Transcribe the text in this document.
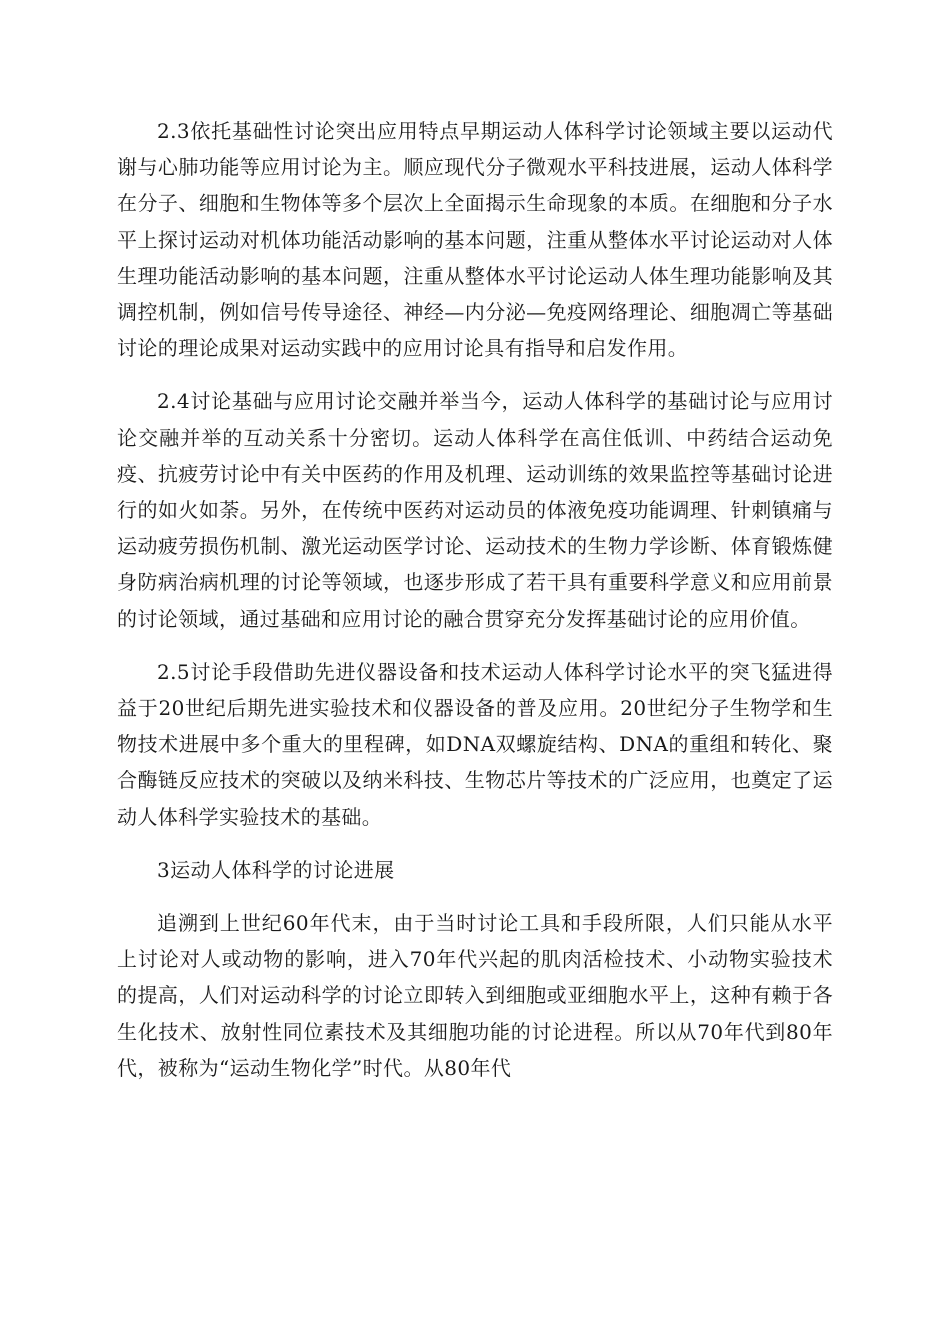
2.3依托基础性讨论突出应用特点早期运动人体科学讨论领域主要以运动代谢与心肺功能等应用讨论为主。顺应现代分子微观水平科技进展，运动人体科学在分子、细胞和生物体等多个层次上全面揭示生命现象的本质。在细胞和分子水平上探讨运动对机体功能活动影响的基本问题，注重从整体水平讨论运动对人体生理功能活动影响的基本问题，注重从整体水平讨论运动人体生理功能影响及其调控机制，例如信号传导途径、神经—内分泌—免疫网络理论、细胞凋亡等基础讨论的理论成果对运动实践中的应用讨论具有指导和启发作用。

2.4讨论基础与应用讨论交融并举当今，运动人体科学的基础讨论与应用讨论交融并举的互动关系十分密切。运动人体科学在高住低训、中药结合运动免疫、抗疲劳讨论中有关中医药的作用及机理、运动训练的效果监控等基础讨论进行的如火如荼。另外，在传统中医药对运动员的体液免疫功能调理、针刺镇痛与运动疲劳损伤机制、激光运动医学讨论、运动技术的生物力学诊断、体育锻炼健身防病治病机理的讨论等领域，也逐步形成了若干具有重要科学意义和应用前景的讨论领域，通过基础和应用讨论的融合贯穿充分发挥基础讨论的应用价值。

2.5讨论手段借助先进仪器设备和技术运动人体科学讨论水平的突飞猛进得益于20世纪后期先进实验技术和仪器设备的普及应用。20世纪分子生物学和生物技术进展中多个重大的里程碑，如DNA双螺旋结构、DNA的重组和转化、聚合酶链反应技术的突破以及纳米科技、生物芯片等技术的广泛应用，也奠定了运动人体科学实验技术的基础。

3运动人体科学的讨论进展

追溯到上世纪60年代末，由于当时讨论工具和手段所限，人们只能从水平上讨论对人或动物的影响，进入70年代兴起的肌肉活检技术、小动物实验技术的提高，人们对运动科学的讨论立即转入到细胞或亚细胞水平上，这种有赖于各生化技术、放射性同位素技术及其细胞功能的讨论进程。所以从70年代到80年代，被称为“运动生物化学”时代。从80年代
